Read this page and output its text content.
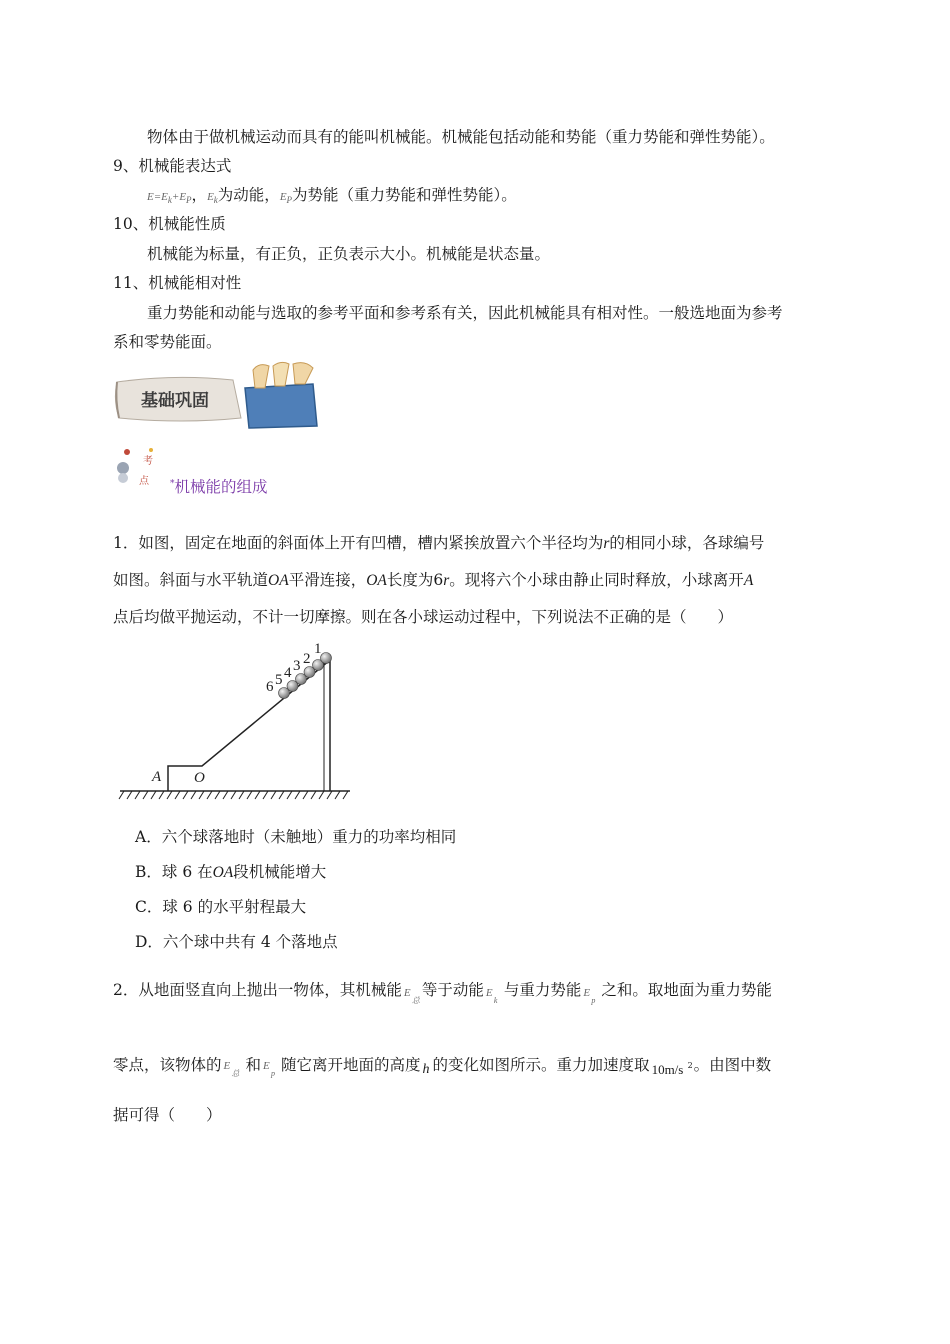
物体由于做机械运动而具有的能叫机械能。机械能包括动能和势能（重力势能和弹性势能）。
9、机械能表达式
$E=E_k+E_P$，$E_k$为动能，$E_P$为势能（重力势能和弹性势能）。
10、机械能性质
机械能为标量，有正负，正负表示大小。机械能是状态量。
11、机械能相对性
重力势能和动能与选取的参考平面和参考系有关，因此机械能具有相对性。一般选地面为参考
系和零势能面。
基础巩固
考
点 *机械能的组成
1．如图，固定在地面的斜面体上开有凹槽，槽内紧挨放置六个半径均为r的相同小球，各球编号
如图。斜面与水平轨道OA平滑连接，OA长度为6r。现将六个小球由静止同时释放，小球离开A
点后均做平抛运动，不计一切摩擦。则在各小球运动过程中，下列说法不正确的是（　　）
6 5 4 3 2
1
A O
A．六个球落地时（未触地）重力的功率均相同
B．球 6 在OA段机械能增大
C．球 6 的水平射程最大
D．六个球中共有 4 个落地点
2．从地面竖直向上抛出一物体，其机械能 E
总
等于动能 E
k
与重力势能 E
p
之和。取地面为重力势能
零点，该物体的 E
总 和 E
p 随它离开地面的高度 h 的变化如图所示。重力加速度取 10m/s 2 。由图中数
据可得（　　）
